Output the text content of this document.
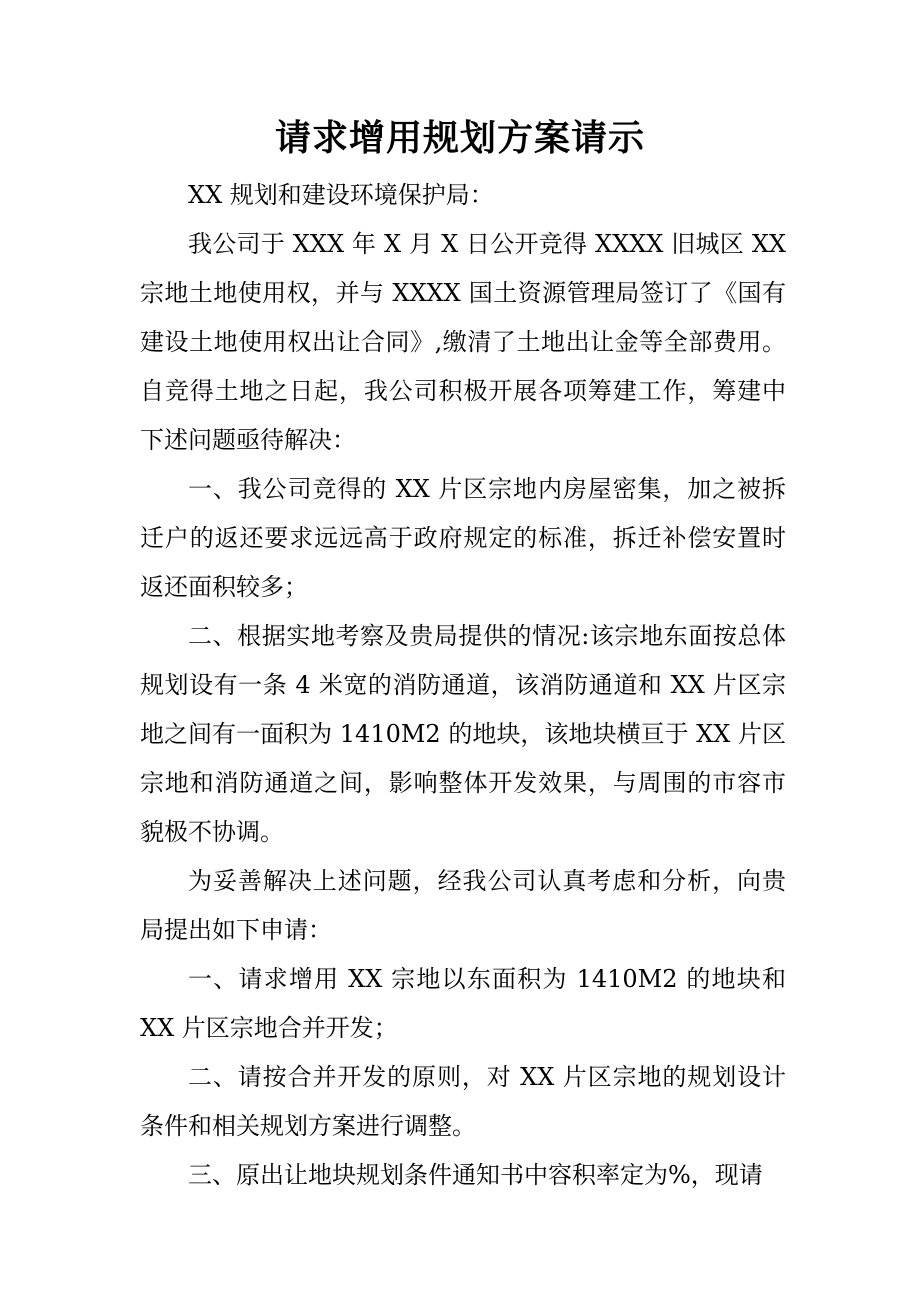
请求增用规划方案请示

XX 规划和建设环境保护局：

我公司于 XXX 年 X 月 X 日公开竞得 XXXX 旧城区 XX 宗地土地使用权，并与 XXXX 国土资源管理局签订了《国有建设土地使用权出让合同》,缴清了土地出让金等全部费用。自竞得土地之日起，我公司积极开展各项筹建工作，筹建中下述问题亟待解决：

一、我公司竞得的 XX 片区宗地内房屋密集，加之被拆迁户的返还要求远远高于政府规定的标准，拆迁补偿安置时返还面积较多；

二、根据实地考察及贵局提供的情况:该宗地东面按总体规划设有一条 4 米宽的消防通道，该消防通道和 XX 片区宗地之间有一面积为 1410M2 的地块，该地块横亘于 XX 片区宗地和消防通道之间，影响整体开发效果，与周围的市容市貌极不协调。

为妥善解决上述问题，经我公司认真考虑和分析，向贵局提出如下申请：

一、请求增用 XX 宗地以东面积为 1410M2 的地块和 XX 片区宗地合并开发；

二、请按合并开发的原则，对 XX 片区宗地的规划设计条件和相关规划方案进行调整。

三、原出让地块规划条件通知书中容积率定为%，现请
